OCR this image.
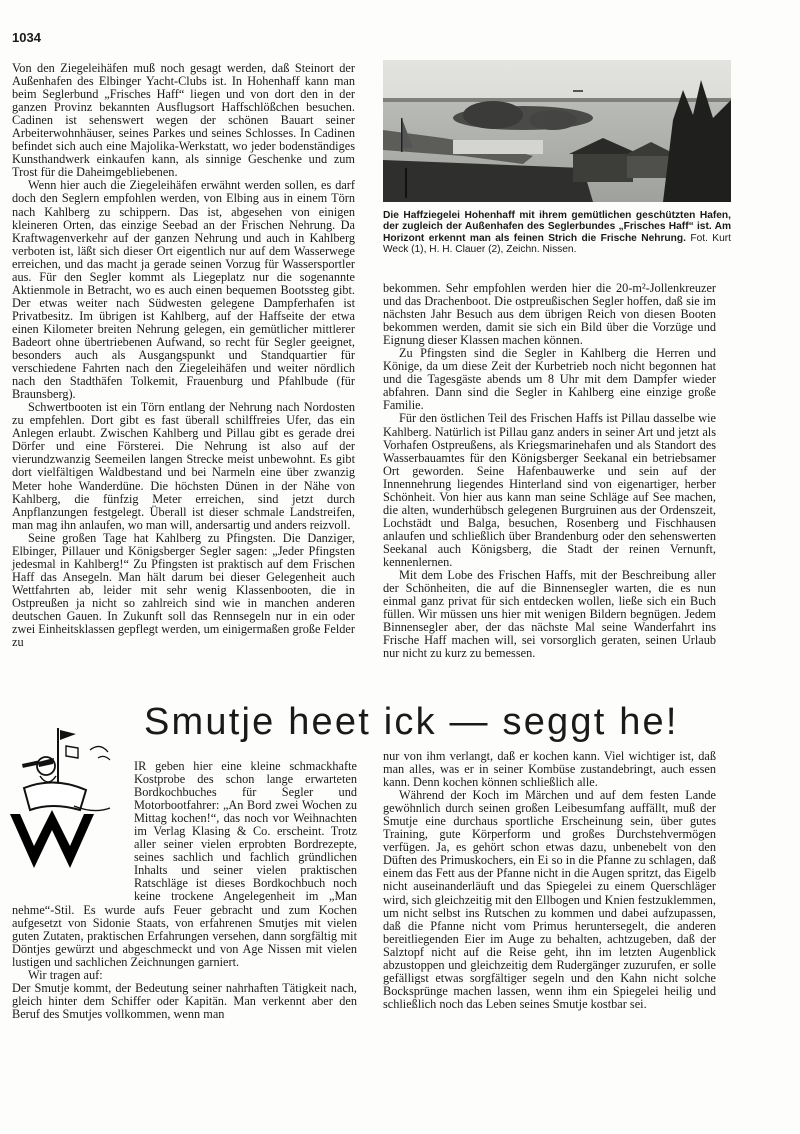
1034

Von den Ziegeleihäfen muß noch gesagt werden, daß Steinort der Außenhafen des Elbinger Yacht-Clubs ist. In Hohenhaff kann man beim Seglerbund „Frisches Haff“ liegen und von dort den in der ganzen Provinz bekannten Ausflugsort Haffschlößchen besuchen. Cadinen ist sehenswert wegen der schönen Bauart seiner Arbeiterwohnhäuser, seines Parkes und seines Schlosses. In Cadinen befindet sich auch eine Majolika-Werkstatt, wo jeder bodenständiges Kunsthandwerk einkaufen kann, als sinnige Geschenke und zum Trost für die Daheimgebliebenen.

Wenn hier auch die Ziegeleihäfen erwähnt werden sollen, es darf doch den Seglern empfohlen werden, von Elbing aus in einem Törn nach Kahlberg zu schippern. Das ist, abgesehen von einigen kleineren Orten, das einzige Seebad an der Frischen Nehrung. Da Kraftwagenverkehr auf der ganzen Nehrung und auch in Kahlberg verboten ist, läßt sich dieser Ort eigentlich nur auf dem Wasserwege erreichen, und das macht ja gerade seinen Vorzug für Wassersportler aus. Für den Segler kommt als Liegeplatz nur die sogenannte Aktienmole in Betracht, wo es auch einen bequemen Bootssteg gibt. Der etwas weiter nach Südwesten gelegene Dampferhafen ist Privatbesitz. Im übrigen ist Kahlberg, auf der Haffseite der etwa einen Kilometer breiten Nehrung gelegen, ein gemütlicher mittlerer Badeort ohne übertriebenen Aufwand, so recht für Segler geeignet, besonders auch als Ausgangspunkt und Standquartier für verschiedene Fahrten nach den Ziegeleihäfen und weiter nördlich nach den Stadthäfen Tolkemit, Frauenburg und Pfahlbude (für Braunsberg).

Schwertbooten ist ein Törn entlang der Nehrung nach Nordosten zu empfehlen. Dort gibt es fast überall schilffreies Ufer, das ein Anlegen erlaubt. Zwischen Kahlberg und Pillau gibt es gerade drei Dörfer und eine Försterei. Die Nehrung ist also auf der vierundzwanzig Seemeilen langen Strecke meist unbewohnt. Es gibt dort vielfältigen Waldbestand und bei Narmeln eine über zwanzig Meter hohe Wanderdüne. Die höchsten Dünen in der Nähe von Kahlberg, die fünfzig Meter erreichen, sind jetzt durch Anpflanzungen festgelegt. Überall ist dieser schmale Landstreifen, man mag ihn anlaufen, wo man will, andersartig und anders reizvoll.

Seine großen Tage hat Kahlberg zu Pfingsten. Die Danziger, Elbinger, Pillauer und Königsberger Segler sagen: „Jeder Pfingsten jedesmal in Kahlberg!“ Zu Pfingsten ist praktisch auf dem Frischen Haff das Ansegeln. Man hält darum bei dieser Gelegenheit auch Wettfahrten ab, leider mit sehr wenig Klassenbooten, die in Ostpreußen ja nicht so zahlreich sind wie in manchen anderen deutschen Gauen. In Zukunft soll das Rennsegeln nur in ein oder zwei Einheitsklassen gepflegt werden, um einigermaßen große Felder zu

Die Haffziegelei Hohenhaff mit ihrem gemütlichen geschützten Hafen, der zugleich der Außenhafen des Seglerbundes „Frisches Haff“ ist. Am Horizont erkennt man als feinen Strich die Frische Nehrung. Fot. Kurt Weck (1), H. H. Clauer (2), Zeichn. Nissen.

bekommen. Sehr empfohlen werden hier die 20-m²-Jollenkreuzer und das Drachenboot. Die ostpreußischen Segler hoffen, daß sie im nächsten Jahr Besuch aus dem übrigen Reich von diesen Booten bekommen werden, damit sie sich ein Bild über die Vorzüge und Eignung dieser Klassen machen können.

Zu Pfingsten sind die Segler in Kahlberg die Herren und Könige, da um diese Zeit der Kurbetrieb noch nicht begonnen hat und die Tagesgäste abends um 8 Uhr mit dem Dampfer wieder abfahren. Dann sind die Segler in Kahlberg eine einzige große Familie.

Für den östlichen Teil des Frischen Haffs ist Pillau dasselbe wie Kahlberg. Natürlich ist Pillau ganz anders in seiner Art und jetzt als Vorhafen Ostpreußens, als Kriegsmarinehafen und als Standort des Wasserbauamtes für den Königsberger Seekanal ein betriebsamer Ort geworden. Seine Hafenbauwerke und sein auf der Innennehrung liegendes Hinterland sind von eigenartiger, herber Schönheit. Von hier aus kann man seine Schläge auf See machen, die alten, wunderhübsch gelegenen Burgruinen aus der Ordenszeit, Lochstädt und Balga, besuchen, Rosenberg und Fischhausen anlaufen und schließlich über Brandenburg oder den sehenswerten Seekanal auch Königsberg, die Stadt der reinen Vernunft, kennenlernen.

Mit dem Lobe des Frischen Haffs, mit der Beschreibung aller der Schönheiten, die auf die Binnensegler warten, die es nun einmal ganz privat für sich entdecken wollen, ließe sich ein Buch füllen. Wir müssen uns hier mit wenigen Bildern begnügen. Jedem Binnensegler aber, der das nächste Mal seine Wanderfahrt ins Frische Haff machen will, sei vorsorglich geraten, seinen Urlaub nur nicht zu kurz zu bemessen.

Smutje heet ick — seggt he!

IR geben hier eine kleine schmackhafte Kostprobe des schon lange erwarteten Bordkochbuches für Segler und Motorbootfahrer: „An Bord zwei Wochen zu Mittag kochen!“, das noch vor Weihnachten im Verlag Klasing & Co. erscheint. Trotz aller seiner vielen erprobten Bordrezepte, seines sachlich und fachlich gründlichen Inhalts und seiner vielen praktischen Ratschläge ist dieses Bordkochbuch noch keine trockene Angelegenheit im „Man nehme“-Stil. Es wurde aufs Feuer gebracht und zum Kochen aufgesetzt von Sidonie Staats, von erfahrenen Smutjes mit vielen guten Zutaten, praktischen Erfahrungen versehen, dann sorgfältig mit Döntjes gewürzt und abgeschmeckt und von Age Nissen mit vielen lustigen und sachlichen Zeichnungen garniert.

Wir tragen auf:

Der Smutje kommt, der Bedeutung seiner nahrhaften Tätigkeit nach, gleich hinter dem Schiffer oder Kapitän. Man verkennt aber den Beruf des Smutjes vollkommen, wenn man

nur von ihm verlangt, daß er kochen kann. Viel wichtiger ist, daß man alles, was er in seiner Kombüse zustandebringt, auch essen kann. Denn kochen können schließlich alle.

Während der Koch im Märchen und auf dem festen Lande gewöhnlich durch seinen großen Leibesumfang auffällt, muß der Smutje eine durchaus sportliche Erscheinung sein, über gutes Training, gute Körperform und großes Durchstehvermögen verfügen. Ja, es gehört schon etwas dazu, unbenebelt von den Düften des Primuskochers, ein Ei so in die Pfanne zu schlagen, daß einem das Fett aus der Pfanne nicht in die Augen spritzt, das Eigelb nicht auseinanderläuft und das Spiegelei zu einem Querschläger wird, sich gleichzeitig mit den Ellbogen und Knien festzuklemmen, um nicht selbst ins Rutschen zu kommen und dabei aufzupassen, daß die Pfanne nicht vom Primus heruntersegelt, die anderen bereitliegenden Eier im Auge zu behalten, achtzugeben, daß der Salztopf nicht auf die Reise geht, ihn im letzten Augenblick abzustoppen und gleichzeitig dem Rudergänger zuzurufen, er solle gefälligst etwas sorgfältiger segeln und den Kahn nicht solche Bocksprünge machen lassen, wenn ihm ein Spiegelei heilig und schließlich noch das Leben seines Smutje kostbar sei.
